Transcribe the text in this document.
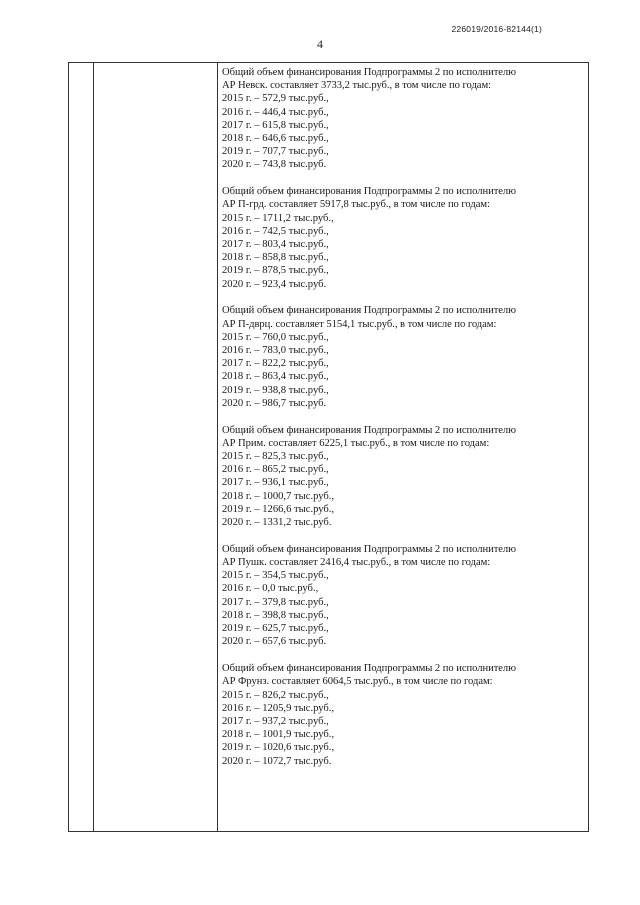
226019/2016-82144(1)
4

Общий объем финансирования Подпрограммы 2 по исполнителю

АР Невск. составляет 3733,2 тыс.руб., в том числе по годам:

2015 г. – 572,9 тыс.руб.,

2016 г. – 446,4 тыс.руб.,

2017 г. – 615,8 тыс.руб.,

2018 г. – 646,6 тыс.руб.,

2019 г. – 707,7 тыс.руб.,

2020 г. – 743,8 тыс.руб.

Общий объем финансирования Подпрограммы 2 по исполнителю

АР П-грд. составляет 5917,8 тыс.руб., в том числе по годам:

2015 г. – 1711,2 тыс.руб.,

2016 г. – 742,5 тыс.руб.,

2017 г. – 803,4 тыс.руб.,

2018 г. – 858,8 тыс.руб.,

2019 г. – 878,5 тыс.руб.,

2020 г. – 923,4 тыс.руб.

Общий объем финансирования Подпрограммы 2 по исполнителю

АР П-дврц. составляет 5154,1 тыс.руб., в том числе по годам:

2015 г. – 760,0 тыс.руб.,

2016 г. – 783,0 тыс.руб.,

2017 г. – 822,2 тыс.руб.,

2018 г. – 863,4 тыс.руб.,

2019 г. – 938,8 тыс.руб.,

2020 г. – 986,7 тыс.руб.

Общий объем финансирования Подпрограммы 2 по исполнителю

АР Прим. составляет 6225,1 тыс.руб., в том числе по годам:

2015 г. – 825,3 тыс.руб.,

2016 г. – 865,2 тыс.руб.,

2017 г. – 936,1 тыс.руб.,

2018 г. – 1000,7 тыс.руб.,

2019 г. – 1266,6 тыс.руб.,

2020 г. – 1331,2 тыс.руб.

Общий объем финансирования Подпрограммы 2 по исполнителю

АР Пушк. составляет 2416,4 тыс.руб., в том числе по годам:

2015 г. – 354,5 тыс.руб.,

2016 г. – 0,0 тыс.руб.,

2017 г. – 379,8 тыс.руб.,

2018 г. – 398,8 тыс.руб.,

2019 г. – 625,7 тыс.руб.,

2020 г. – 657,6 тыс.руб.

Общий объем финансирования Подпрограммы 2 по исполнителю

АР Фрунз. составляет 6064,5 тыс.руб., в том числе по годам:

2015 г. – 826,2 тыс.руб.,

2016 г. – 1205,9 тыс.руб.,

2017 г. – 937,2 тыс.руб.,

2018 г. – 1001,9 тыс.руб.,

2019 г. – 1020,6 тыс.руб.,

2020 г. – 1072,7 тыс.руб.
